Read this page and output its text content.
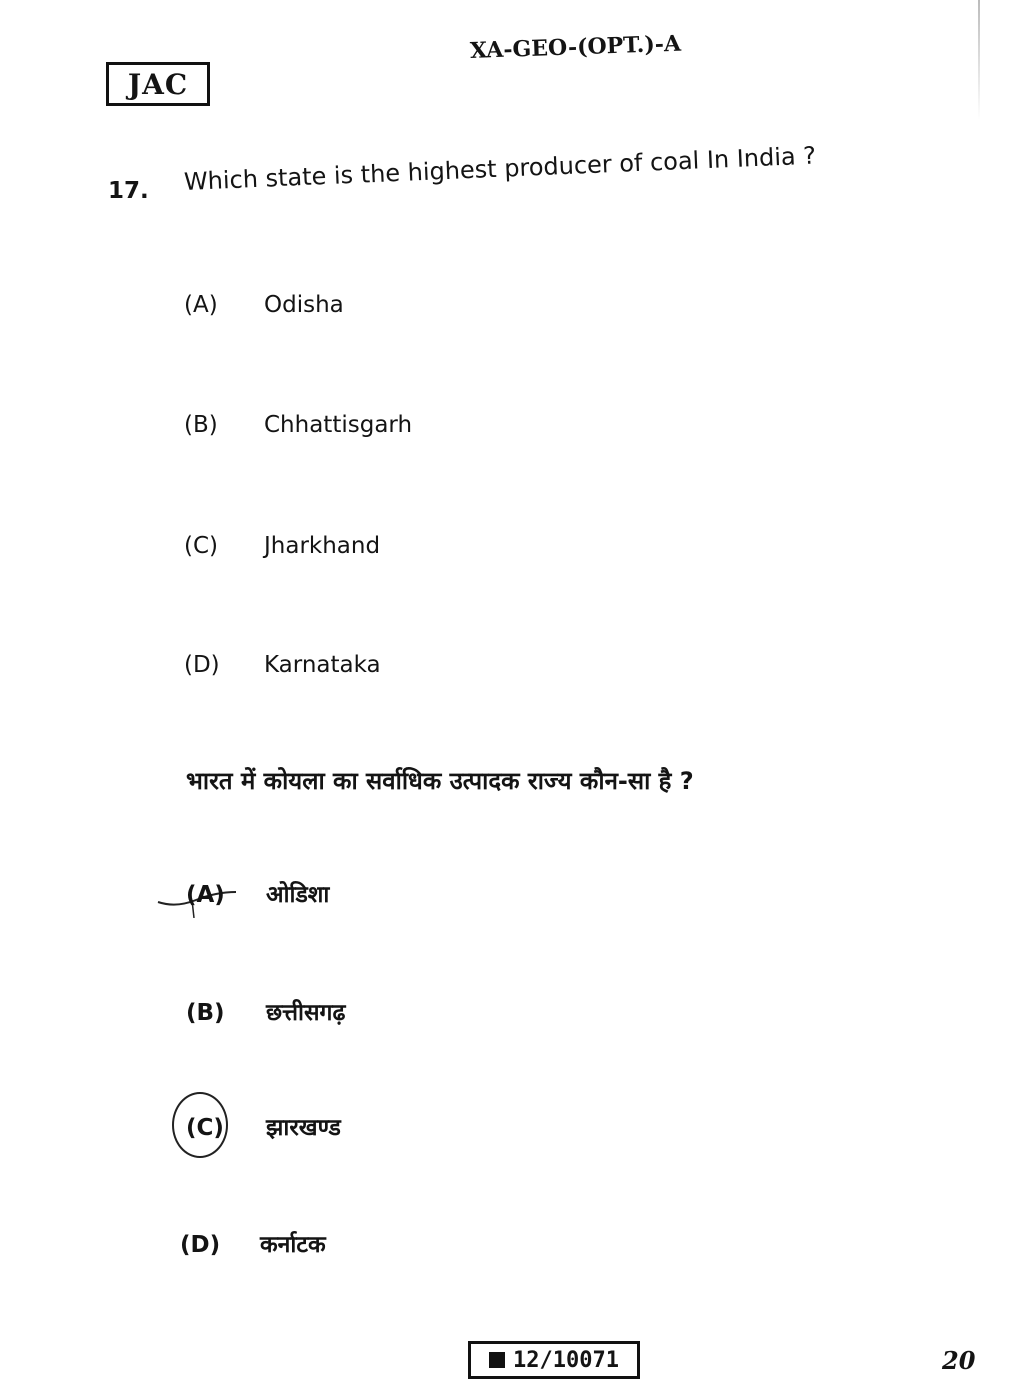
JAC
XA-GEO-(OPT.)-A
17. Which state is the highest producer of coal In India ?
(A) Odisha
(B) Chhattisgarh
(C) Jharkhand
(D) Karnataka
भारत में कोयला का सर्वाधिक उत्पादक राज्य कौन-सा है ?
(A) ओडिशा
(B) छत्तीसगढ़
(C) झारखण्ड
(D) कर्नाटक
12/10071	20
